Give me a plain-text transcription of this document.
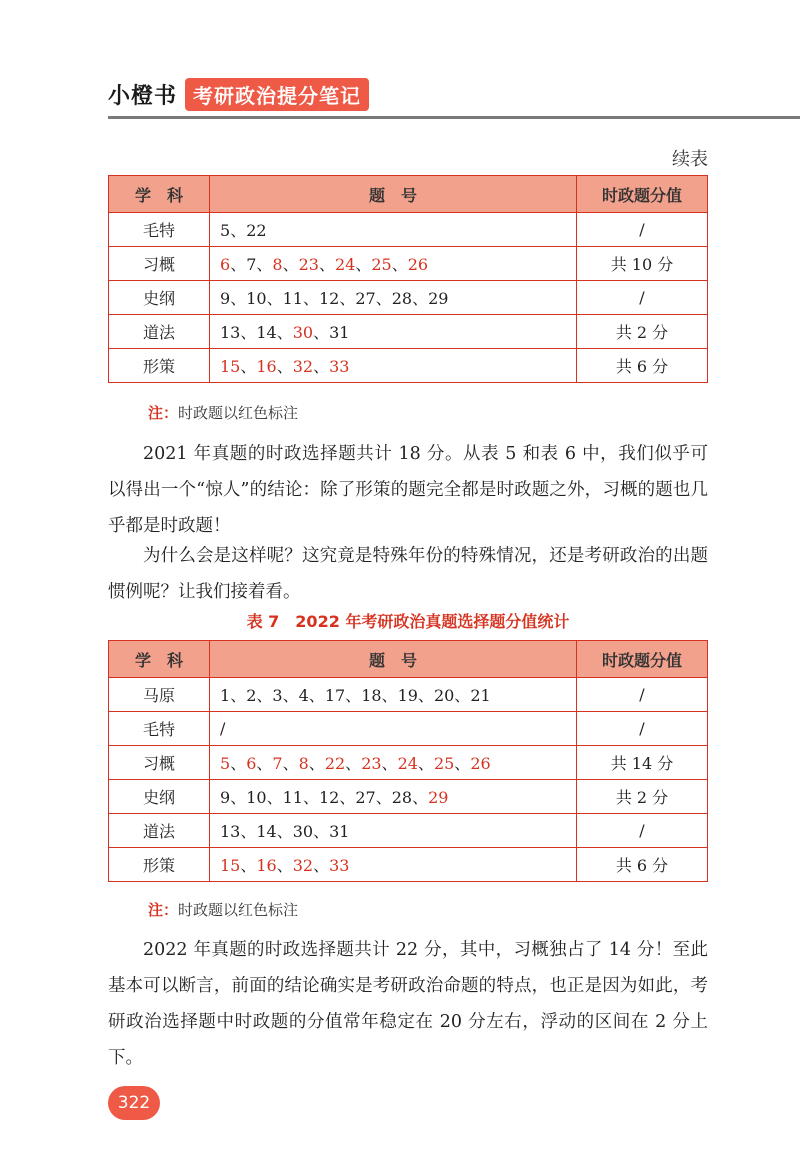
小橙书 考研政治提分笔记
续表
学　科	题　号	时政题分值
毛特	5、22	/
习概	6、7、8、23、24、25、26	共 10 分
史纲	9、10、11、12、27、28、29	/
道法	13、14、30、31	共 2 分
形策	15、16、32、33	共 6 分
注：时政题以红色标注

2021 年真题的时政选择题共计 18 分。从表 5 和表 6 中，我们似乎可以得出一个“惊人”的结论：除了形策的题完全都是时政题之外，习概的题也几乎都是时政题！

为什么会是这样呢？这究竟是特殊年份的特殊情况，还是考研政治的出题惯例呢？让我们接着看。

表 7　2022 年考研政治真题选择题分值统计
学　科	题　号	时政题分值
马原	1、2、3、4、17、18、19、20、21	/
毛特	/	/
习概	5、6、7、8、22、23、24、25、26	共 14 分
史纲	9、10、11、12、27、28、29	共 2 分
道法	13、14、30、31	/
形策	15、16、32、33	共 6 分
注：时政题以红色标注

2022 年真题的时政选择题共计 22 分，其中，习概独占了 14 分！至此基本可以断言，前面的结论确实是考研政治命题的特点，也正是因为如此，考研政治选择题中时政题的分值常年稳定在 20 分左右，浮动的区间在 2 分上下。

322
